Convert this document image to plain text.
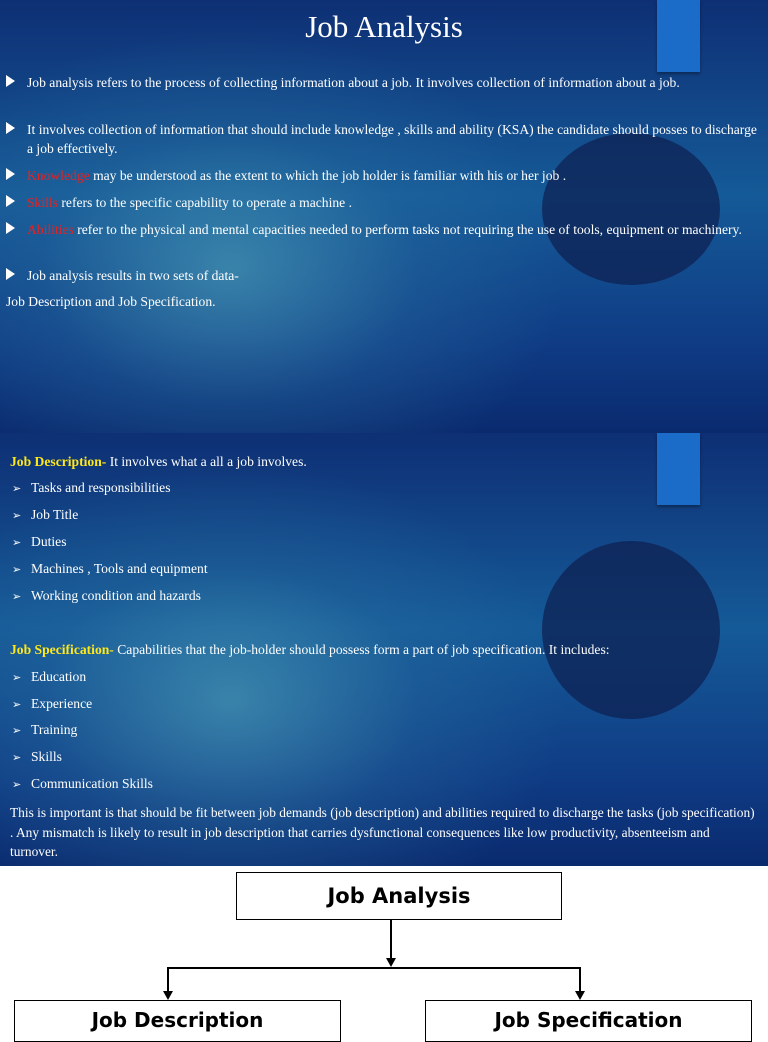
Job Analysis
Job analysis refers to the process of collecting information about a job. It involves collection of information about a job.
It involves collection of information that should include knowledge , skills and ability (KSA) the candidate should posses to discharge a job effectively.
Knowledge may be understood as the extent to which the job holder is familiar with his or her job .
Skills refers to the specific capability to operate a machine .
Abilities refer to the physical and mental capacities needed to perform tasks not requiring the use of tools, equipment or machinery.
Job analysis results in two sets of data-
Job Description and Job Specification.
Job Description- It involves what a all a job involves.
➢ Tasks and responsibilities
➢ Job Title
➢ Duties
➢ Machines , Tools and equipment
➢ Working condition and hazards
Job Specification- Capabilities that the job-holder should possess form a part of job specification. It includes:
➢ Education
➢ Experience
➢ Training
➢ Skills
➢ Communication Skills
This is important is that should be fit between job demands (job description) and abilities required to discharge the tasks (job specification) . Any mismatch is likely to result in job description that carries dysfunctional consequences like low productivity, absenteeism and turnover.
Job Analysis
Job Description	Job Specification
